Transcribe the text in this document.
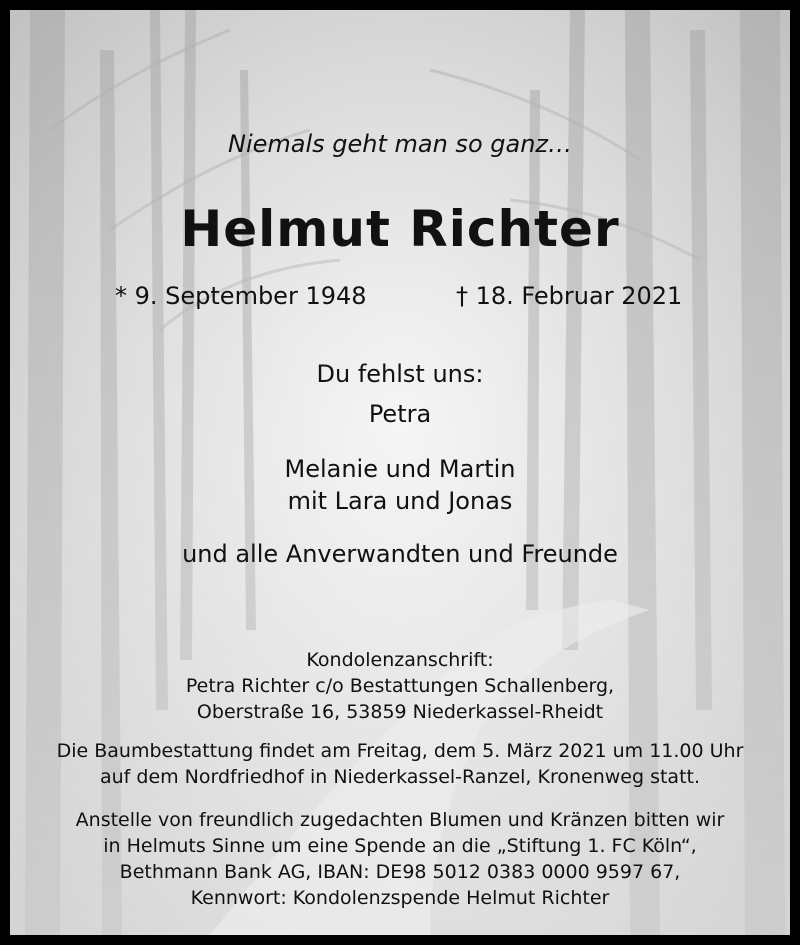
Niemals geht man so ganz…
Helmut Richter
* 9. September 1948	† 18. Februar 2021
Du fehlst uns:
Petra
Melanie und Martin
mit Lara und Jonas
und alle Anverwandten und Freunde
Kondolenzanschrift:
Petra Richter c/o Bestattungen Schallenberg,
Oberstraße 16, 53859 Niederkassel-Rheidt
Die Baumbestattung findet am Freitag, dem 5. März 2021 um 11.00 Uhr
auf dem Nordfriedhof in Niederkassel-Ranzel, Kronenweg statt.
Anstelle von freundlich zugedachten Blumen und Kränzen bitten wir
in Helmuts Sinne um eine Spende an die „Stiftung 1. FC Köln“,
Bethmann Bank AG, IBAN: DE98 5012 0383 0000 9597 67,
Kennwort: Kondolenzspende Helmut Richter
